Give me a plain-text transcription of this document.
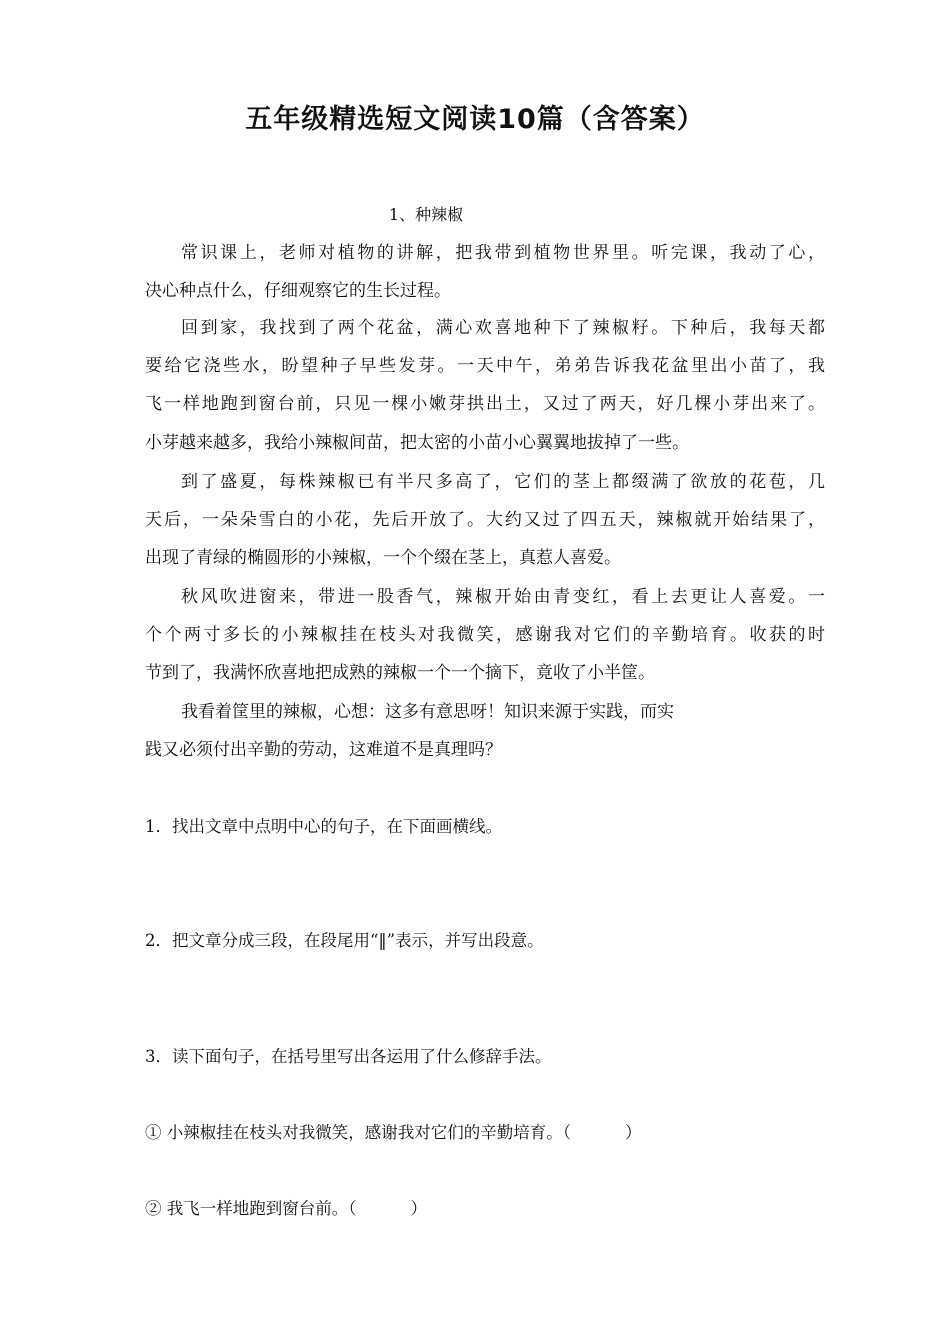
五年级精选短文阅读10篇（含答案）
1、种辣椒
常识课上，老师对植物的讲解，把我带到植物世界里。听完课，我动了心，
决心种点什么，仔细观察它的生长过程。
回到家，我找到了两个花盆，满心欢喜地种下了辣椒籽。下种后，我每天都
要给它浇些水，盼望种子早些发芽。一天中午，弟弟告诉我花盆里出小苗了，我
飞一样地跑到窗台前，只见一棵小嫩芽拱出土，又过了两天，好几棵小芽出来了。
小芽越来越多，我给小辣椒间苗，把太密的小苗小心翼翼地拔掉了一些。
到了盛夏，每株辣椒已有半尺多高了，它们的茎上都缀满了欲放的花苞，几
天后，一朵朵雪白的小花，先后开放了。大约又过了四五天，辣椒就开始结果了，
出现了青绿的椭圆形的小辣椒，一个个缀在茎上，真惹人喜爱。
秋风吹进窗来，带进一股香气，辣椒开始由青变红，看上去更让人喜爱。一
个个两寸多长的小辣椒挂在枝头对我微笑，感谢我对它们的辛勤培育。收获的时
节到了，我满怀欣喜地把成熟的辣椒一个一个摘下，竟收了小半筐。
我看着筐里的辣椒，心想：这多有意思呀！知识来源于实践，而实
践又必须付出辛勤的劳动，这难道不是真理吗？
1．找出文章中点明中心的句子，在下面画横线。
2．把文章分成三段，在段尾用“‖”表示，并写出段意。
3．读下面句子，在括号里写出各运用了什么修辞手法。
① 小辣椒挂在枝头对我微笑，感谢我对它们的辛勤培育。（	）
② 我飞一样地跑到窗台前。（	）
